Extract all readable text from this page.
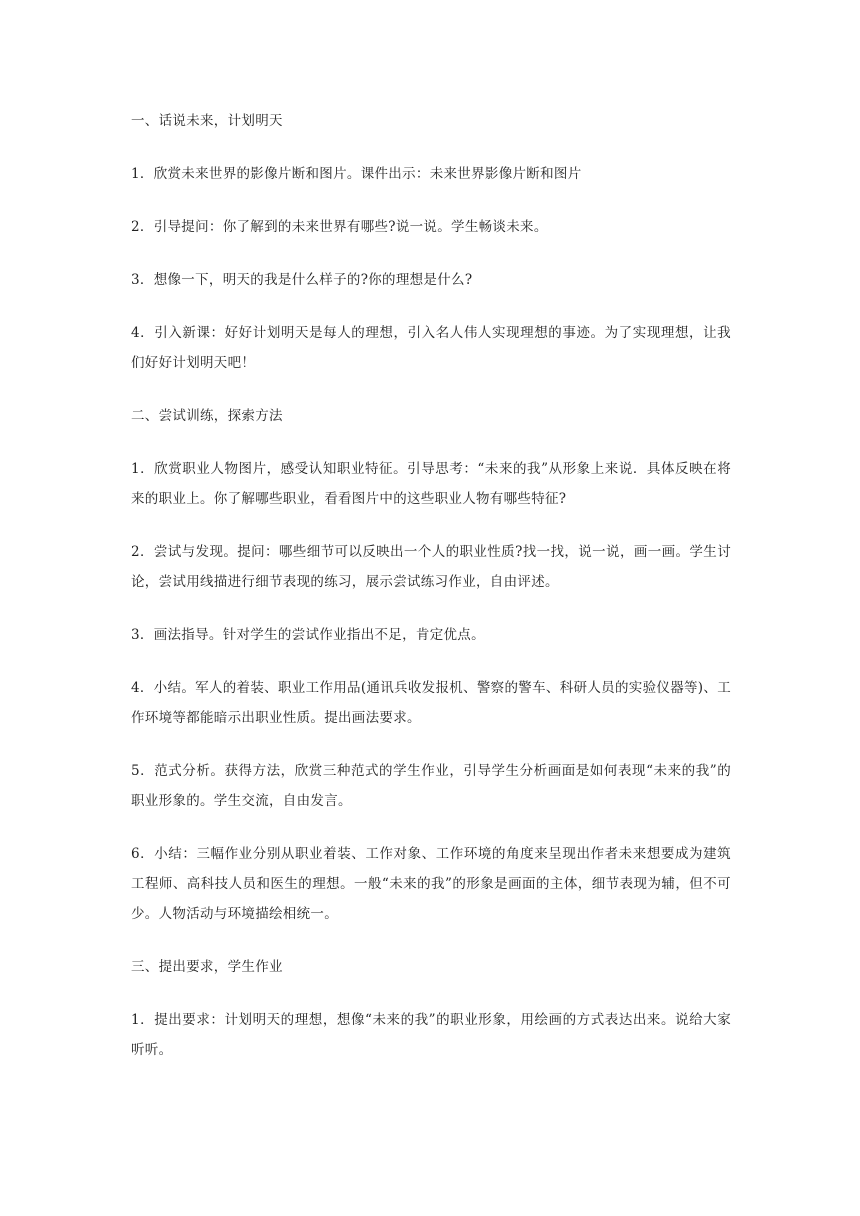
一、话说未来，计划明天

1．欣赏未来世界的影像片断和图片。课件出示：未来世界影像片断和图片

2．引导提问：你了解到的未来世界有哪些?说一说。学生畅谈未来。

3．想像一下，明天的我是什么样子的?你的理想是什么?

4．引入新课：好好计划明天是每人的理想，引入名人伟人实现理想的事迹。为了实现理想，让我们好好计划明天吧！

二、尝试训练，探索方法

1．欣赏职业人物图片，感受认知职业特征。引导思考：“未来的我”从形象上来说．具体反映在将来的职业上。你了解哪些职业，看看图片中的这些职业人物有哪些特征?

2．尝试与发现。提问：哪些细节可以反映出一个人的职业性质?找一找，说一说，画一画。学生讨论，尝试用线描进行细节表现的练习，展示尝试练习作业，自由评述。

3．画法指导。针对学生的尝试作业指出不足，肯定优点。

4．小结。军人的着装、职业工作用品(通讯兵收发报机、警察的警车、科研人员的实验仪器等)、工作环境等都能暗示出职业性质。提出画法要求。

5．范式分析。获得方法，欣赏三种范式的学生作业，引导学生分析画面是如何表现“未来的我”的职业形象的。学生交流，自由发言。

6．小结：三幅作业分别从职业着装、工作对象、工作环境的角度来呈现出作者未来想要成为建筑工程师、高科技人员和医生的理想。一般“未来的我”的形象是画面的主体，细节表现为辅，但不可少。人物活动与环境描绘相统一。

三、提出要求，学生作业

1．提出要求：计划明天的理想，想像“未来的我”的职业形象，用绘画的方式表达出来。说给大家听听。
